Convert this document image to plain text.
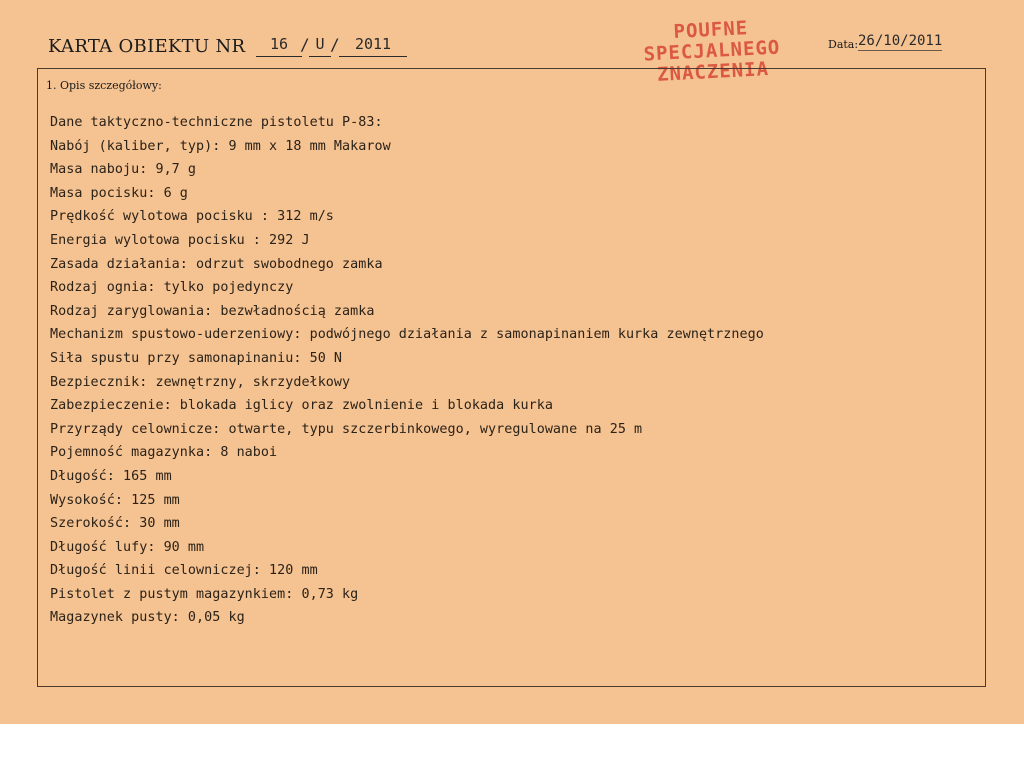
KARTA OBIEKTU NR	16 / U /	2011
POUFNE
SPECJALNEGO
ZNACZENIA
Data: 26/10/2011
1. Opis szczegółowy:
Dane taktyczno-techniczne pistoletu P-83:
Nabój (kaliber, typ): 9 mm x 18 mm Makarow
Masa naboju: 9,7 g
Masa pocisku: 6 g
Prędkość wylotowa pocisku : 312 m/s
Energia wylotowa pocisku : 292 J
Zasada działania: odrzut swobodnego zamka
Rodzaj ognia: tylko pojedynczy
Rodzaj zaryglowania: bezwładnością zamka
Mechanizm spustowo-uderzeniowy: podwójnego działania z samonapinaniem kurka zewnętrznego
Siła spustu przy samonapinaniu: 50 N
Bezpiecznik: zewnętrzny, skrzydełkowy
Zabezpieczenie: blokada iglicy oraz zwolnienie i blokada kurka
Przyrządy celownicze: otwarte, typu szczerbinkowego, wyregulowane na 25 m
Pojemność magazynka: 8 naboi
Długość: 165 mm
Wysokość: 125 mm
Szerokość: 30 mm
Długość lufy: 90 mm
Długość linii celowniczej: 120 mm
Pistolet z pustym magazynkiem: 0,73 kg
Magazynek pusty: 0,05 kg
